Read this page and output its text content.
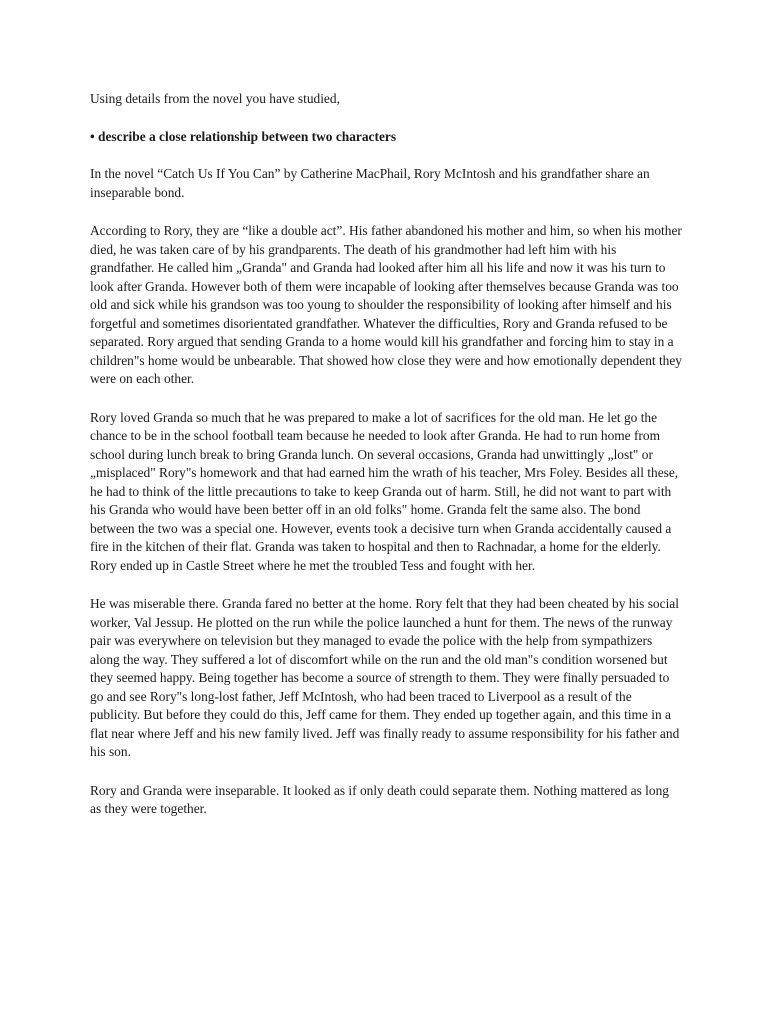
Using details from the novel you have studied,

• describe a close relationship between two characters

In the novel “Catch Us If You Can” by Catherine MacPhail, Rory McIntosh and his grandfather share an inseparable bond.

According to Rory, they are “like a double act”. His father abandoned his mother and him, so when his mother died, he was taken care of by his grandparents. The death of his grandmother had left him with his grandfather. He called him „Granda" and Granda had looked after him all his life and now it was his turn to look after Granda. However both of them were incapable of looking after themselves because Granda was too old and sick while his grandson was too young to shoulder the responsibility of looking after himself and his forgetful and sometimes disorientated grandfather. Whatever the difficulties, Rory and Granda refused to be separated. Rory argued that sending Granda to a home would kill his grandfather and forcing him to stay in a children"s home would be unbearable. That showed how close they were and how emotionally dependent they were on each other.

Rory loved Granda so much that he was prepared to make a lot of sacrifices for the old man. He let go the chance to be in the school football team because he needed to look after Granda. He had to run home from school during lunch break to bring Granda lunch. On several occasions, Granda had unwittingly „lost" or „misplaced" Rory"s homework and that had earned him the wrath of his teacher, Mrs Foley. Besides all these, he had to think of the little precautions to take to keep Granda out of harm. Still, he did not want to part with his Granda who would have been better off in an old folks" home. Granda felt the same also. The bond between the two was a special one. However, events took a decisive turn when Granda accidentally caused a fire in the kitchen of their flat. Granda was taken to hospital and then to Rachnadar, a home for the elderly. Rory ended up in Castle Street where he met the troubled Tess and fought with her.

He was miserable there. Granda fared no better at the home. Rory felt that they had been cheated by his social worker, Val Jessup. He plotted on the run while the police launched a hunt for them. The news of the runway pair was everywhere on television but they managed to evade the police with the help from sympathizers along the way. They suffered a lot of discomfort while on the run and the old man"s condition worsened but they seemed happy. Being together has become a source of strength to them. They were finally persuaded to go and see Rory"s long-lost father, Jeff McIntosh, who had been traced to Liverpool as a result of the publicity. But before they could do this, Jeff came for them. They ended up together again, and this time in a flat near where Jeff and his new family lived. Jeff was finally ready to assume responsibility for his father and his son.

Rory and Granda were inseparable. It looked as if only death could separate them. Nothing mattered as long as they were together.
